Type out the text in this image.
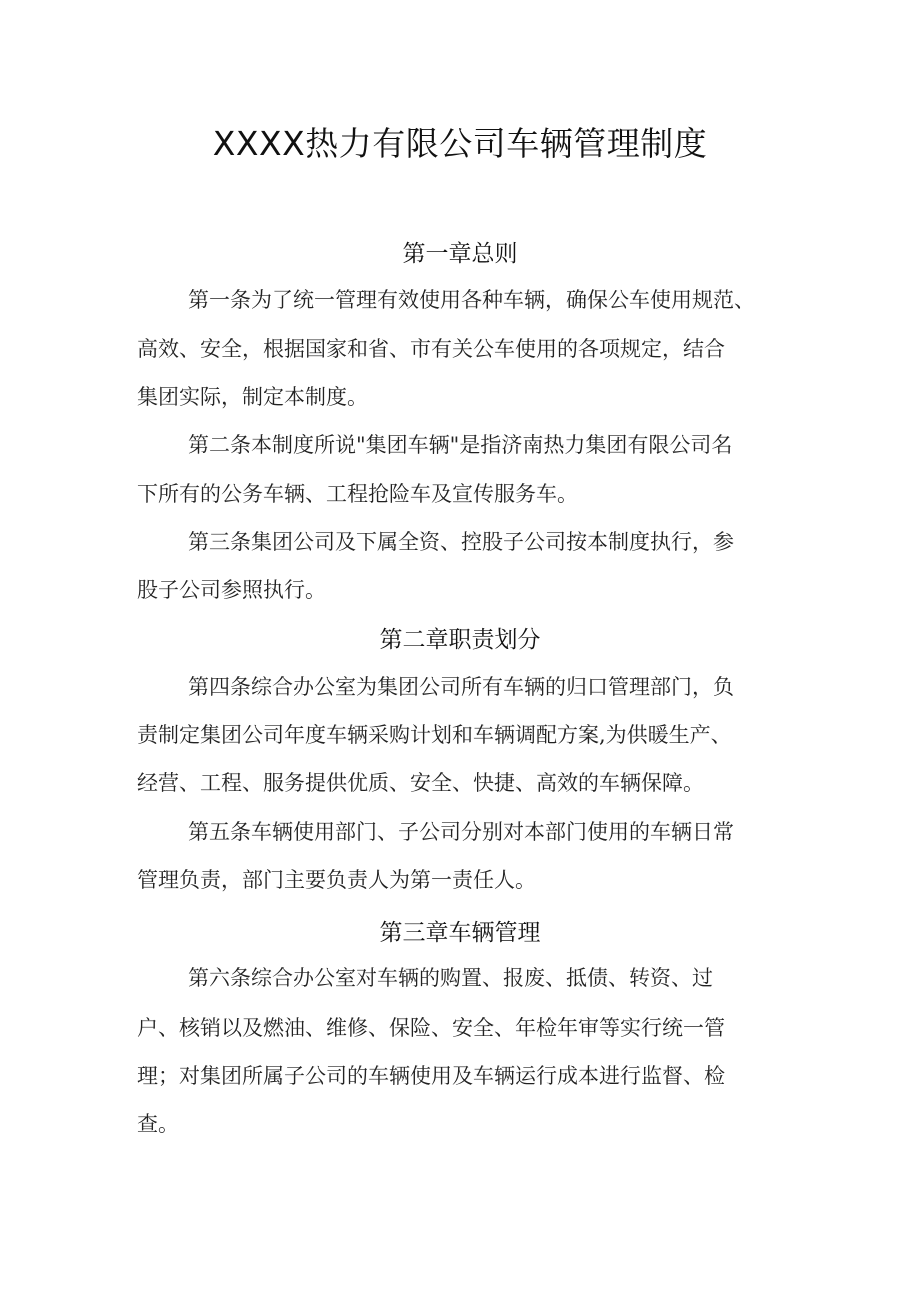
XXXX热力有限公司车辆管理制度
第一章总则
第一条为了统一管理有效使用各种车辆，确保公车使用规范、
高效、安全，根据国家和省、市有关公车使用的各项规定，结合
集团实际，制定本制度。
第二条本制度所说"集团车辆"是指济南热力集团有限公司名
下所有的公务车辆、工程抢险车及宣传服务车。
第三条集团公司及下属全资、控股子公司按本制度执行，参
股子公司参照执行。
第二章职责划分
第四条综合办公室为集团公司所有车辆的归口管理部门，负
责制定集团公司年度车辆采购计划和车辆调配方案,为供暖生产、
经营、工程、服务提供优质、安全、快捷、高效的车辆保障。
第五条车辆使用部门、子公司分别对本部门使用的车辆日常
管理负责，部门主要负责人为第一责任人。
第三章车辆管理
第六条综合办公室对车辆的购置、报废、抵债、转资、过
户、核销以及燃油、维修、保险、安全、年检年审等实行统一管
理；对集团所属子公司的车辆使用及车辆运行成本进行监督、检
查。
